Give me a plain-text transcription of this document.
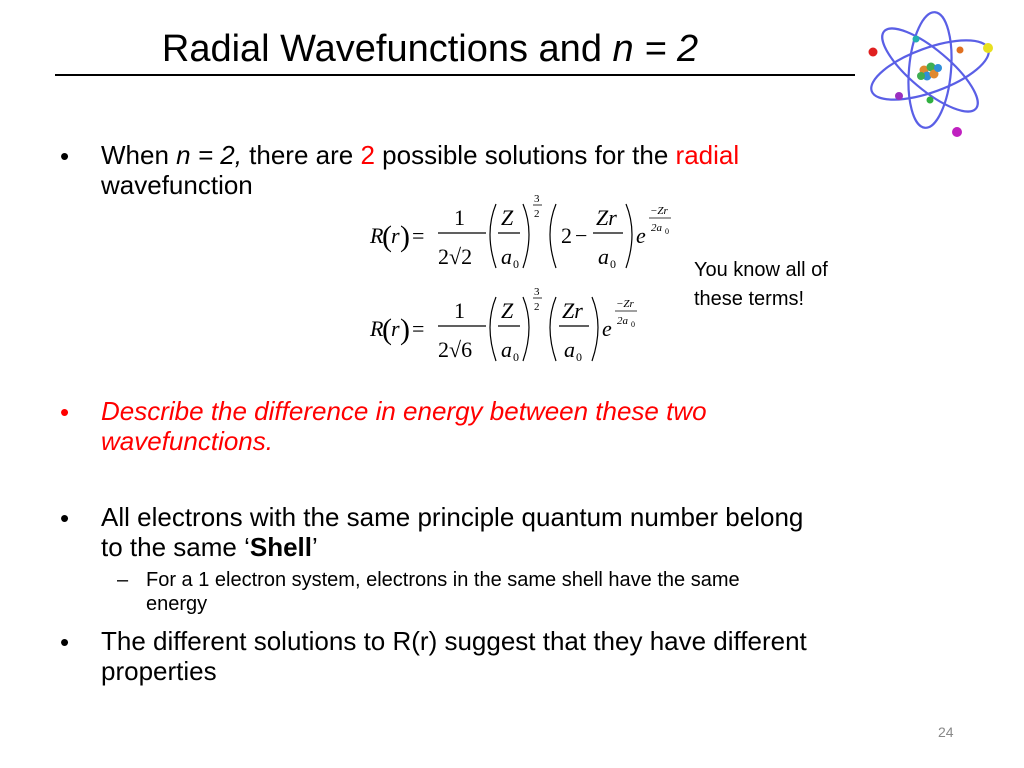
Radial Wavefunctions and n = 2
• When n = 2, there are 2 possible solutions for the radial
wavefunction
R
( r ) =
1
2√2
Z
a 0
3
2
2 −
Zr
a 0
e
−Zr
2a 0
R
( r ) =
1
2√6
Z
a 0
3
2 Zr
a 0
e
−Zr
2a 0
You know all of
these terms!
• Describe the difference in energy between these two
wavefunctions.
• All electrons with the same principle quantum number belong
to the same ‘Shell’
– For a 1 electron system, electrons in the same shell have the same
energy
• The different solutions to R(r) suggest that they have different
properties
24
